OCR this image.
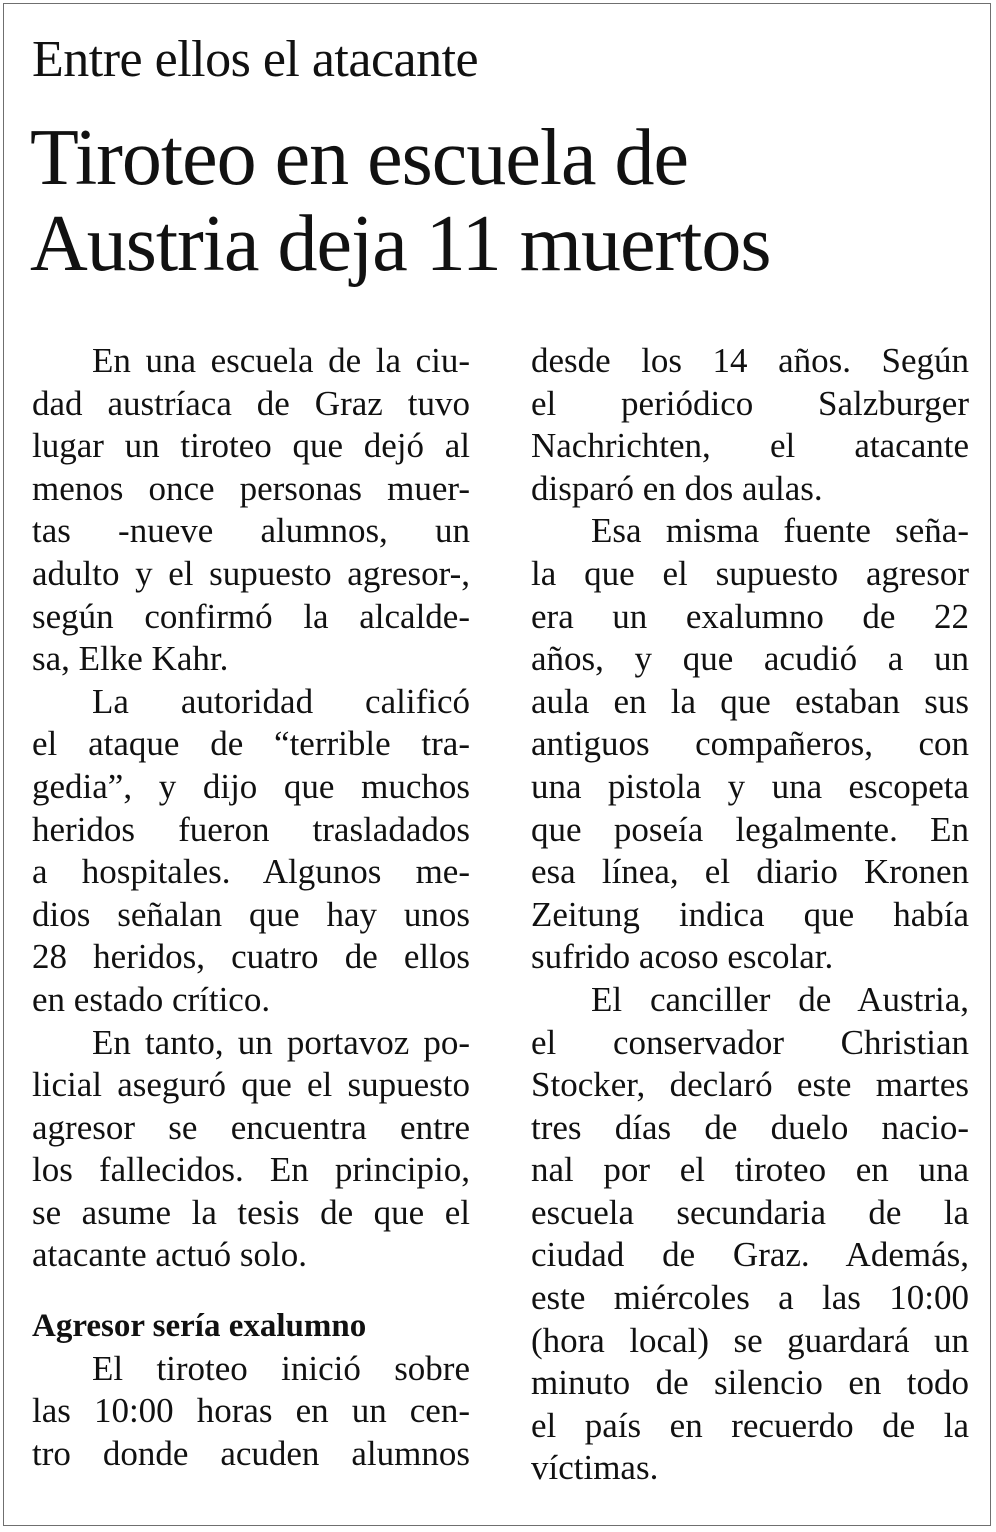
Entre ellos el atacante
Tiroteo en escuela de
Austria deja 11 muertos
En una escuela de la ciu-
dad austríaca de Graz tuvo
lugar un tiroteo que dejó al
menos once personas muer-
tas -nueve alumnos, un
adulto y el supuesto agresor-,
según confirmó la alcalde-
sa, Elke Kahr.
La autoridad calificó
el ataque de “terrible tra-
gedia”, y dijo que muchos
heridos fueron trasladados
a hospitales. Algunos me-
dios señalan que hay unos
28 heridos, cuatro de ellos
en estado crítico.
En tanto, un portavoz po-
licial aseguró que el supuesto
agresor se encuentra entre
los fallecidos. En principio,
se asume la tesis de que el
atacante actuó solo.
Agresor sería exalumno
El tiroteo inició sobre
las 10:00 horas en un cen-
tro donde acuden alumnos
desde los 14 años. Según
el periódico Salzburger
Nachrichten, el atacante
disparó en dos aulas.
Esa misma fuente seña-
la que el supuesto agresor
era un exalumno de 22
años, y que acudió a un
aula en la que estaban sus
antiguos compañeros, con
una pistola y una escopeta
que poseía legalmente. En
esa línea, el diario Kronen
Zeitung indica que había
sufrido acoso escolar.
El canciller de Austria,
el conservador Christian
Stocker, declaró este martes
tres días de duelo nacio-
nal por el tiroteo en una
escuela secundaria de la
ciudad de Graz. Además,
este miércoles a las 10:00
(hora local) se guardará un
minuto de silencio en todo
el país en recuerdo de la
víctimas.
